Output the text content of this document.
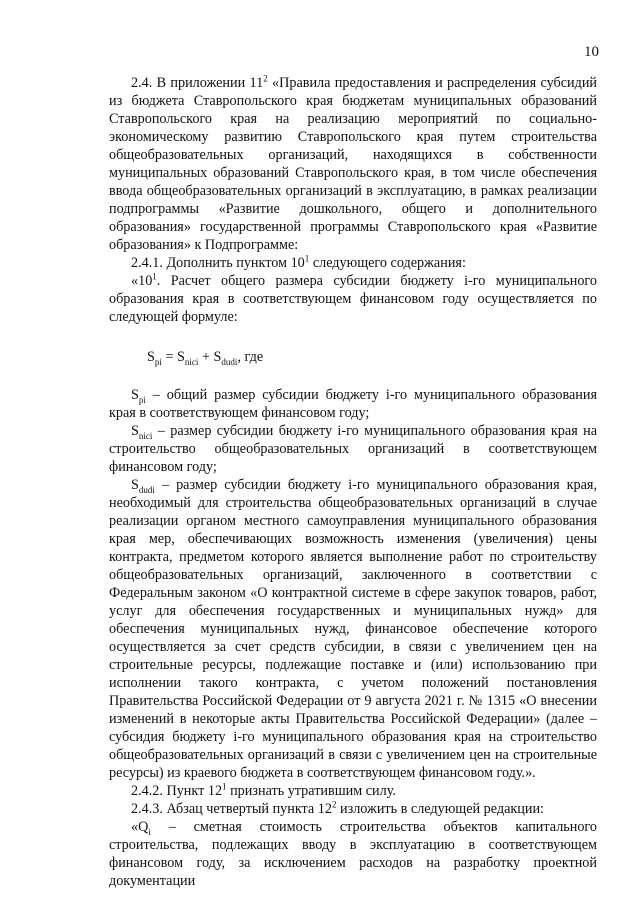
10

2.4. В приложении $11^2$ «Правила предоставления и распределения субсидий из бюджета Ставропольского края бюджетам муниципальных образований Ставропольского края на реализацию мероприятий по социально-экономическому развитию Ставропольского края путем строительства общеобразовательных организаций, находящихся в собственности муниципальных образований Ставропольского края, в том числе обеспечения ввода общеобразовательных организаций в эксплуатацию, в рамках реализации подпрограммы «Развитие дошкольного, общего и дополнительного образования» государственной программы Ставропольского края «Развитие образования» к Подпрограмме:

2.4.1. Дополнить пунктом $10^1$ следующего содержания:

«$10^1$. Расчет общего размера субсидии бюджету i-го муниципального образования края в соответствующем финансовом году осуществляется по следующей формуле:

$S_{pi} = S_{nici} + S_{dudi}$, где

$S_{pi}$ – общий размер субсидии бюджету i-го муниципального образования края в соответствующем финансовом году;

$S_{nici}$ – размер субсидии бюджету i-го муниципального образования края на строительство общеобразовательных организаций в соответствующем финансовом году;

$S_{dudi}$ – размер субсидии бюджету i-го муниципального образования края, необходимый для строительства общеобразовательных организаций в случае реализации органом местного самоуправления муниципального образования края мер, обеспечивающих возможность изменения (увеличения) цены контракта, предметом которого является выполнение работ по строительству общеобразовательных организаций, заключенного в соответствии с Федеральным законом «О контрактной системе в сфере закупок товаров, работ, услуг для обеспечения государственных и муниципальных нужд» для обеспечения муниципальных нужд, финансовое обеспечение которого осуществляется за счет средств субсидии, в связи с увеличением цен на строительные ресурсы, подлежащие поставке и (или) использованию при исполнении такого контракта, с учетом положений постановления Правительства Российской Федерации от 9 августа 2021 г. № 1315 «О внесении изменений в некоторые акты Правительства Российской Федерации» (далее – субсидия бюджету i-го муниципального образования края на строительство общеобразовательных организаций в связи с увеличением цен на строительные ресурсы) из краевого бюджета в соответствующем финансовом году.».

2.4.2. Пункт $12^1$ признать утратившим силу.

2.4.3. Абзац четвертый пункта $12^2$ изложить в следующей редакции:

«$Q_i$ – сметная стоимость строительства объектов капитального строительства, подлежащих вводу в эксплуатацию в соответствующем финансовом году, за исключением расходов на разработку проектной документации
